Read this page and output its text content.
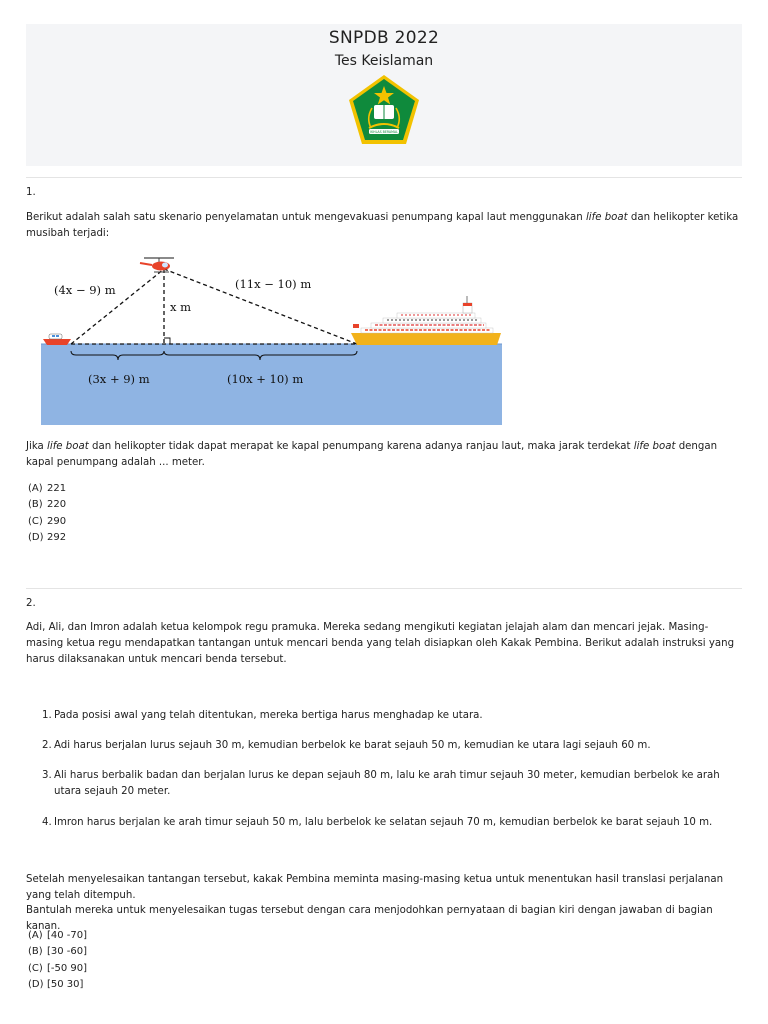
SNPDB 2022
Tes Keislaman
IKHLAS BERAMAL
1.
Berikut adalah salah satu skenario penyelamatan untuk mengevakuasi penumpang kapal laut menggunakan life boat dan helikopter ketika musibah terjadi:
(4x − 9) m	(11x − 10) m
x m
(3x + 9) m	(10x + 10) m
Jika life boat dan helikopter tidak dapat merapat ke kapal penumpang karena adanya ranjau laut, maka jarak terdekat life boat dengan kapal penumpang adalah ... meter.
(A) 221
(B) 220
(C) 290
(D) 292
2.
Adi, Ali, dan Imron adalah ketua kelompok regu pramuka. Mereka sedang mengikuti kegiatan jelajah alam dan mencari jejak. Masing-masing ketua regu mendapatkan tantangan untuk mencari benda yang telah disiapkan oleh Kakak Pembina. Berikut adalah instruksi yang harus dilaksanakan untuk mencari benda tersebut.
1. Pada posisi awal yang telah ditentukan, mereka bertiga harus menghadap ke utara.
2. Adi harus berjalan lurus sejauh 30 m, kemudian berbelok ke barat sejauh 50 m, kemudian ke utara lagi sejauh 60 m.
3. Ali harus berbalik badan dan berjalan lurus ke depan sejauh 80 m, lalu ke arah timur sejauh 30 meter, kemudian berbelok ke arah utara sejauh 20 meter.
4. Imron harus berjalan ke arah timur sejauh 50 m, lalu berbelok ke selatan sejauh 70 m, kemudian berbelok ke barat sejauh 10 m.
Setelah menyelesaikan tantangan tersebut, kakak Pembina meminta masing-masing ketua untuk menentukan hasil translasi perjalanan yang telah ditempuh.
Bantulah mereka untuk menyelesaikan tugas tersebut dengan cara menjodohkan pernyataan di bagian kiri dengan jawaban di bagian kanan.
(A) [40 -70]
(B) [30 -60]
(C) [-50 90]
(D) [50 30]
